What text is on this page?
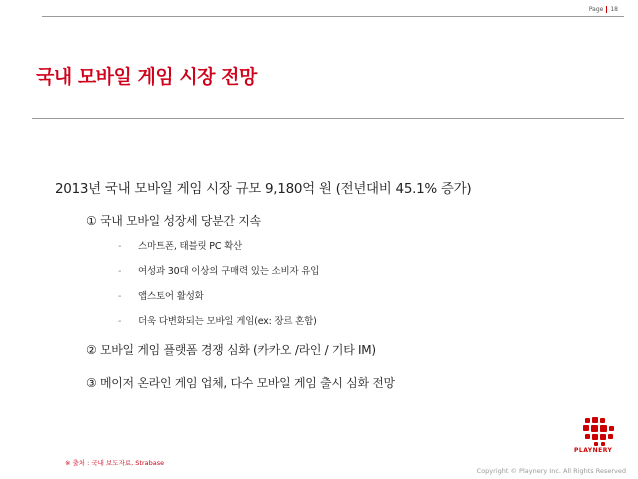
Page 18
국내 모바일 게임 시장 전망
2013년 국내 모바일 게임 시장 규모 9,180억 원 (전년대비 45.1% 증가)
① 국내 모바일 성장세 당분간 지속
- 스마트폰, 태블릿 PC 확산
- 여성과 30대 이상의 구매력 있는 소비자 유입
- 앱스토어 활성화
- 더욱 다변화되는 모바일 게임(ex: 장르 혼합)
② 모바일 게임 플랫폼 경쟁 심화 (카카오 /라인 / 기타 IM)
③ 메이저 온라인 게임 업체, 다수 모바일 게임 출시 심화 전망
※ 출처 : 국내 보도자료, Strabase
PLAYNERY
Copyright © Playnery Inc. All Rights Reserved
